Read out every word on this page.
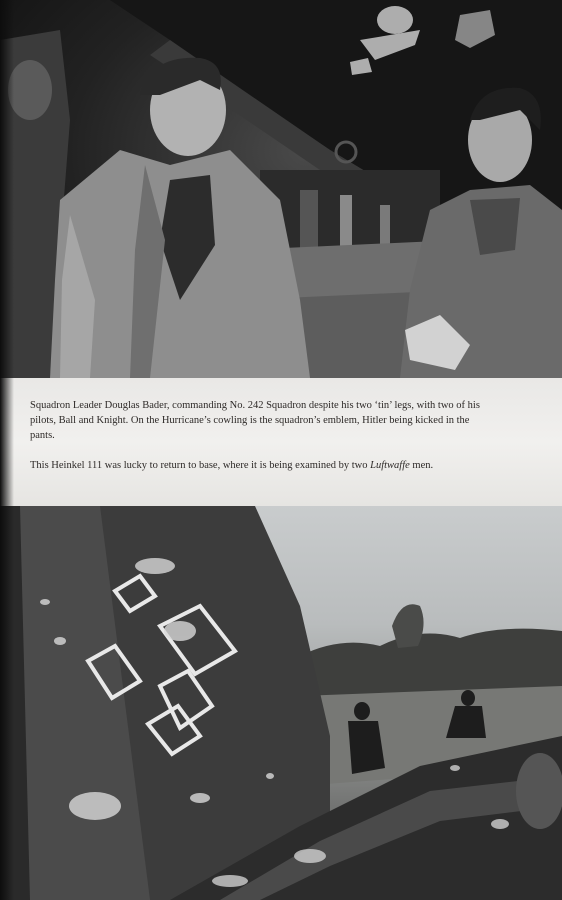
Squadron Leader Douglas Bader, commanding No. 242 Squadron despite his two ‘tin’ legs, with two of his pilots, Ball and Knight. On the Hurricane’s cowling is the squadron’s emblem, Hitler being kicked in the pants.
This Heinkel 111 was lucky to return to base, where it is being examined by two Luftwaffe men.
